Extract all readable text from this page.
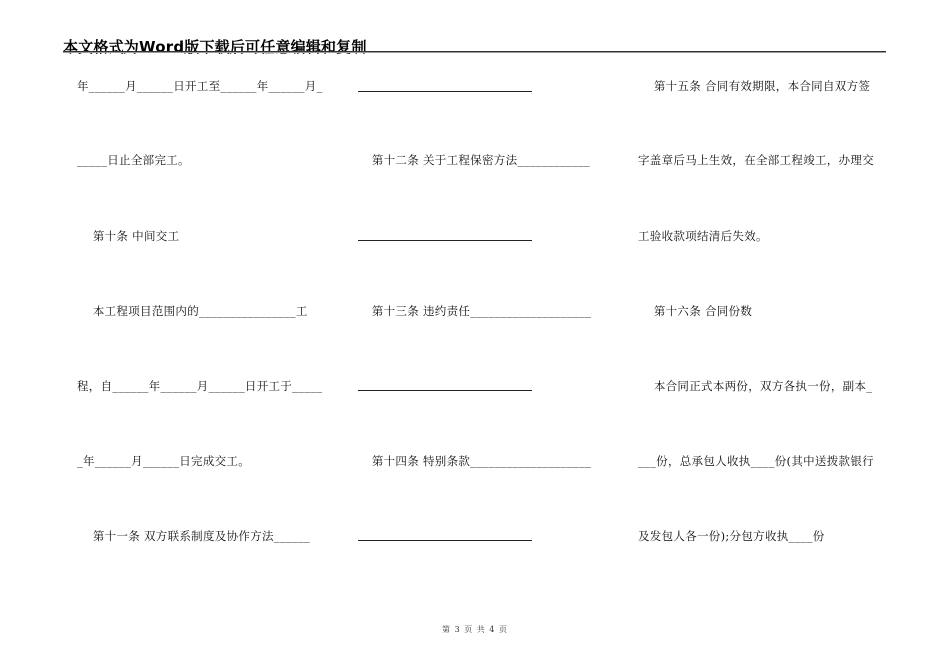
本文格式为Word版下载后可任意编辑和复制
年______月______日开工至______年______月_
_____日止全部完工。
第十条 中间交工
本工程项目范围内的________________工
程，自______年______月______日开工于_____
_年______月______日完成交工。
第十一条 双方联系制度及协作方法______
第十二条 关于工程保密方法____________
第十三条 违约责任____________________
第十四条 特别条款____________________
第十五条 合同有效期限，本合同自双方签
字盖章后马上生效，在全部工程竣工，办理交
工验收款项结清后失效。
第十六条 合同份数
本合同正式本两份，双方各执一份，副本_
___份，总承包人收执____份(其中送拨款银行
及发包人各一份);分包方收执____份
第 3 页 共 4 页
